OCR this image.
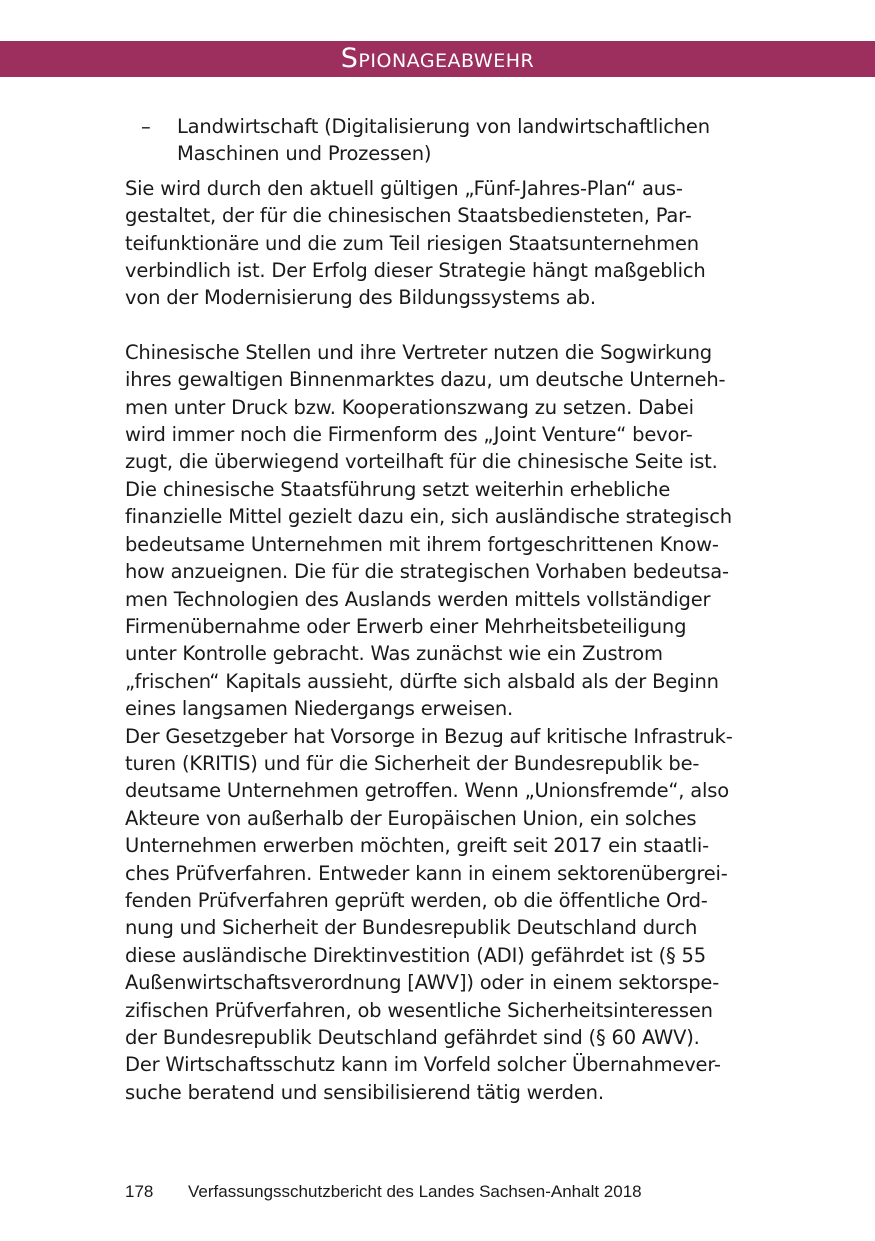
Spionageabwehr
–	Landwirtschaft (Digitalisierung von landwirtschaftlichen
Maschinen und Prozessen)
Sie wird durch den aktuell gültigen „Fünf-Jahres-Plan“ aus-
gestaltet, der für die chinesischen Staatsbediensteten, Par-
teifunktionäre und die zum Teil riesigen Staatsunternehmen
verbindlich ist. Der Erfolg dieser Strategie hängt maßgeblich
von der Modernisierung des Bildungssystems ab.
Chinesische Stellen und ihre Vertreter nutzen die Sogwirkung
ihres gewaltigen Binnenmarktes dazu, um deutsche Unterneh-
men unter Druck bzw. Kooperationszwang zu setzen. Dabei
wird immer noch die Firmenform des „Joint Venture“ bevor-
zugt, die überwiegend vorteilhaft für die chinesische Seite ist.
Die chinesische Staatsführung setzt weiterhin erhebliche
finanzielle Mittel gezielt dazu ein, sich ausländische strategisch
bedeutsame Unternehmen mit ihrem fortgeschrittenen Know-
how anzueignen. Die für die strategischen Vorhaben bedeutsa-
men Technologien des Auslands werden mittels vollständiger
Firmenübernahme oder Erwerb einer Mehrheitsbeteiligung
unter Kontrolle gebracht. Was zunächst wie ein Zustrom
„frischen“ Kapitals aussieht, dürfte sich alsbald als der Beginn
eines langsamen Niedergangs erweisen.
Der Gesetzgeber hat Vorsorge in Bezug auf kritische Infrastruk-
turen (KRITIS) und für die Sicherheit der Bundesrepublik be-
deutsame Unternehmen getroffen. Wenn „Unionsfremde“, also
Akteure von außerhalb der Europäischen Union, ein solches
Unternehmen erwerben möchten, greift seit 2017 ein staatli-
ches Prüfverfahren. Entweder kann in einem sektorenübergrei-
fenden Prüfverfahren geprüft werden, ob die öffentliche Ord-
nung und Sicherheit der Bundesrepublik Deutschland durch
diese ausländische Direktinvestition (ADI) gefährdet ist (§ 55
Außenwirtschaftsverordnung [AWV]) oder in einem sektorspe-
zifischen Prüfverfahren, ob wesentliche Sicherheitsinteressen
der Bundesrepublik Deutschland gefährdet sind (§ 60 AWV).
Der Wirtschaftsschutz kann im Vorfeld solcher Übernahmever-
suche beratend und sensibilisierend tätig werden.
178 Verfassungsschutzbericht des Landes Sachsen-Anhalt 2018
